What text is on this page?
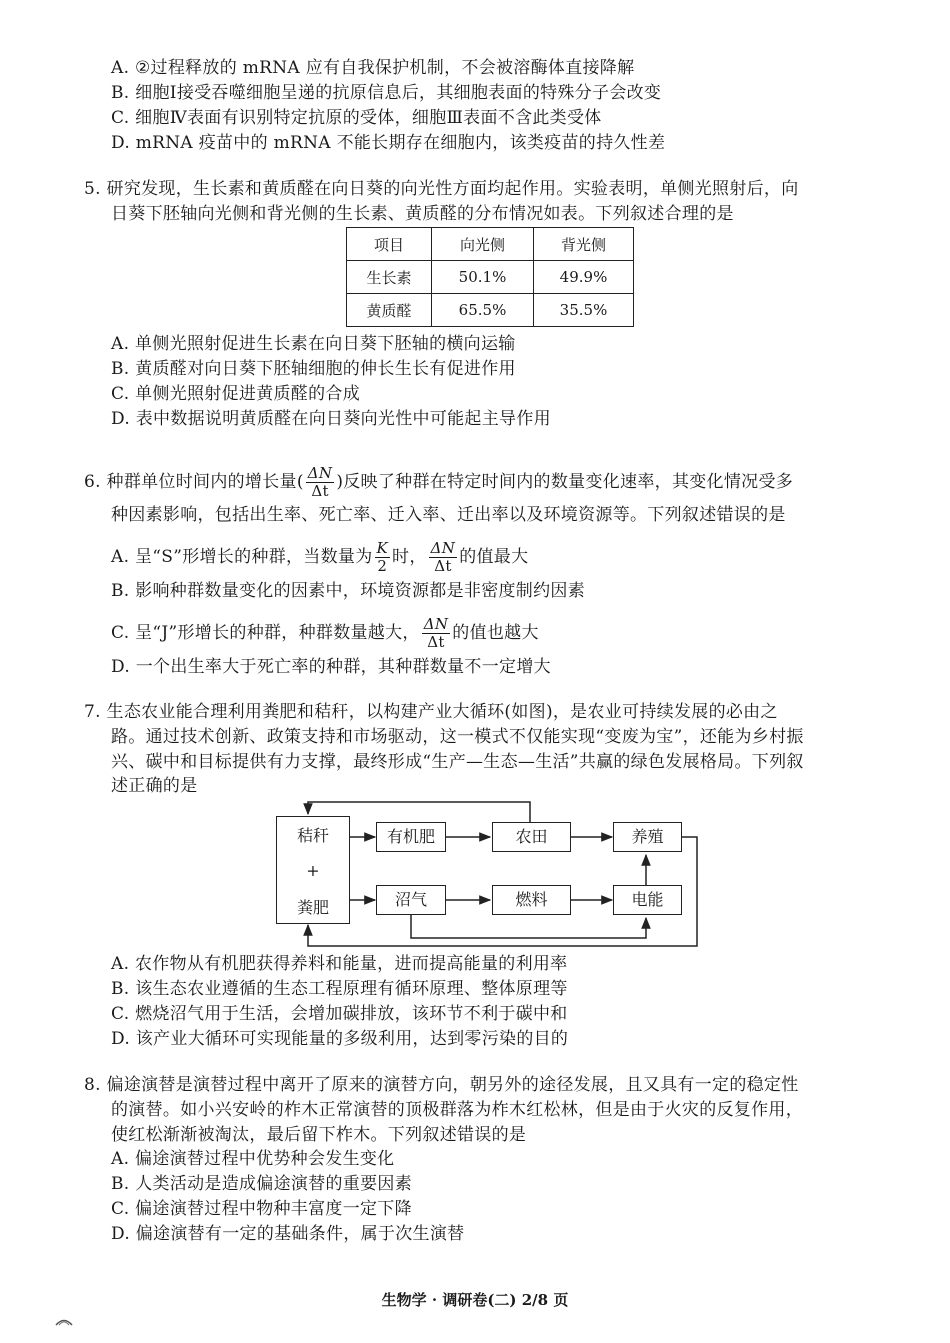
A. ②过程释放的 mRNA 应有自我保护机制，不会被溶酶体直接降解
B. 细胞Ⅰ接受吞噬细胞呈递的抗原信息后，其细胞表面的特殊分子会改变
C. 细胞Ⅳ表面有识别特定抗原的受体，细胞Ⅲ表面不含此类受体
D. mRNA 疫苗中的 mRNA 不能长期存在细胞内，该类疫苗的持久性差
5. 研究发现，生长素和黄质醛在向日葵的向光性方面均起作用。实验表明，单侧光照射后，向
日葵下胚轴向光侧和背光侧的生长素、黄质醛的分布情况如表。下列叙述合理的是
项目	向光侧	背光侧
生长素	50.1%	49.9%
黄质醛	65.5%	35.5%
A. 单侧光照射促进生长素在向日葵下胚轴的横向运输
B. 黄质醛对向日葵下胚轴细胞的伸长生长有促进作用
C. 单侧光照射促进黄质醛的合成
D. 表中数据说明黄质醛在向日葵向光性中可能起主导作用
6. 种群单位时间内的增长量( $\frac{\Delta N}{\Delta t}$ )反映了种群在特定时间内的数量变化速率，其变化情况受多
种因素影响，包括出生率、死亡率、迁入率、迁出率以及环境资源等。下列叙述错误的是
A. 呈“S”形增长的种群，当数量为 $\frac{K}{2}$ 时， $\frac{\Delta N}{\Delta t}$ 的值最大
B. 影响种群数量变化的因素中，环境资源都是非密度制约因素
C. 呈“J”形增长的种群，种群数量越大， $\frac{\Delta N}{\Delta t}$ 的值也越大
D. 一个出生率大于死亡率的种群，其种群数量不一定增大
7. 生态农业能合理利用粪肥和秸秆，以构建产业大循环(如图)，是农业可持续发展的必由之
路。通过技术创新、政策支持和市场驱动，这一模式不仅能实现“变废为宝”，还能为乡村振
兴、碳中和目标提供有力支撑，最终形成“生产—生态—生活”共赢的绿色发展格局。下列叙
述正确的是
秸秆
+
粪肥
有机肥	农田	养殖
沼气	燃料	电能
A. 农作物从有机肥获得养料和能量，进而提高能量的利用率
B. 该生态农业遵循的生态工程原理有循环原理、整体原理等
C. 燃烧沼气用于生活，会增加碳排放，该环节不利于碳中和
D. 该产业大循环可实现能量的多级利用，达到零污染的目的
8. 偏途演替是演替过程中离开了原来的演替方向，朝另外的途径发展，且又具有一定的稳定性
的演替。如小兴安岭的柞木正常演替的顶极群落为柞木红松林，但是由于火灾的反复作用，
使红松渐渐被淘汰，最后留下柞木。下列叙述错误的是
A. 偏途演替过程中优势种会发生变化
B. 人类活动是造成偏途演替的重要因素
C. 偏途演替过程中物种丰富度一定下降
D. 偏途演替有一定的基础条件，属于次生演替
生物学 · 调研卷(二) 2/8 页
